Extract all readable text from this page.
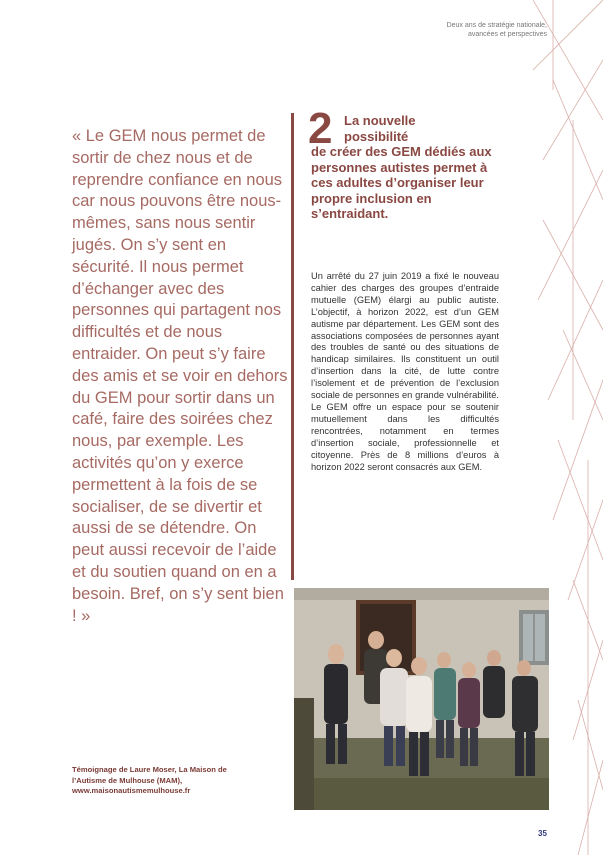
Deux ans de stratégie nationale,
avancées et perspectives

« Le GEM nous permet de sortir de chez nous et de reprendre confiance en nous car nous pouvons être nous-mêmes, sans nous sentir jugés. On s’y sent en sécurité. Il nous permet d’échanger avec des personnes qui partagent nos difficultés et de nous entraider. On peut s’y faire des amis et se voir en dehors du GEM pour sortir dans un café, faire des soirées chez nous, par exemple. Les activités qu’on y exerce permettent à la fois de se socialiser, de se divertir et aussi de se détendre. On peut aussi recevoir de l’aide et du soutien quand on en a besoin. Bref, on s’y sent bien ! »

Témoignage de Laure Moser, La Maison de
l’Autisme de Mulhouse (MAM),
www.maisonautismemulhouse.fr
2 La nouvelle
possibilité
de créer des GEM dédiés aux personnes autistes permet à ces adultes d’organiser leur propre inclusion en s’entraidant.

Un arrêté du 27 juin 2019 a fixé le nouveau cahier des charges des groupes d’entraide mutuelle (GEM) élargi au public autiste. L’objectif, à horizon 2022, est d’un GEM autisme par département. Les GEM sont des associations composées de personnes ayant des troubles de santé ou des situations de handicap similaires. Ils constituent un outil d’insertion dans la cité, de lutte contre l’isolement et de prévention de l’exclusion sociale de personnes en grande vulnérabilité. Le GEM offre un espace pour se soutenir mutuellement dans les difficultés rencontrées, notamment en termes d’insertion sociale, professionnelle et citoyenne. Près de 8 millions d’euros à horizon 2022 seront consacrés aux GEM.

35
